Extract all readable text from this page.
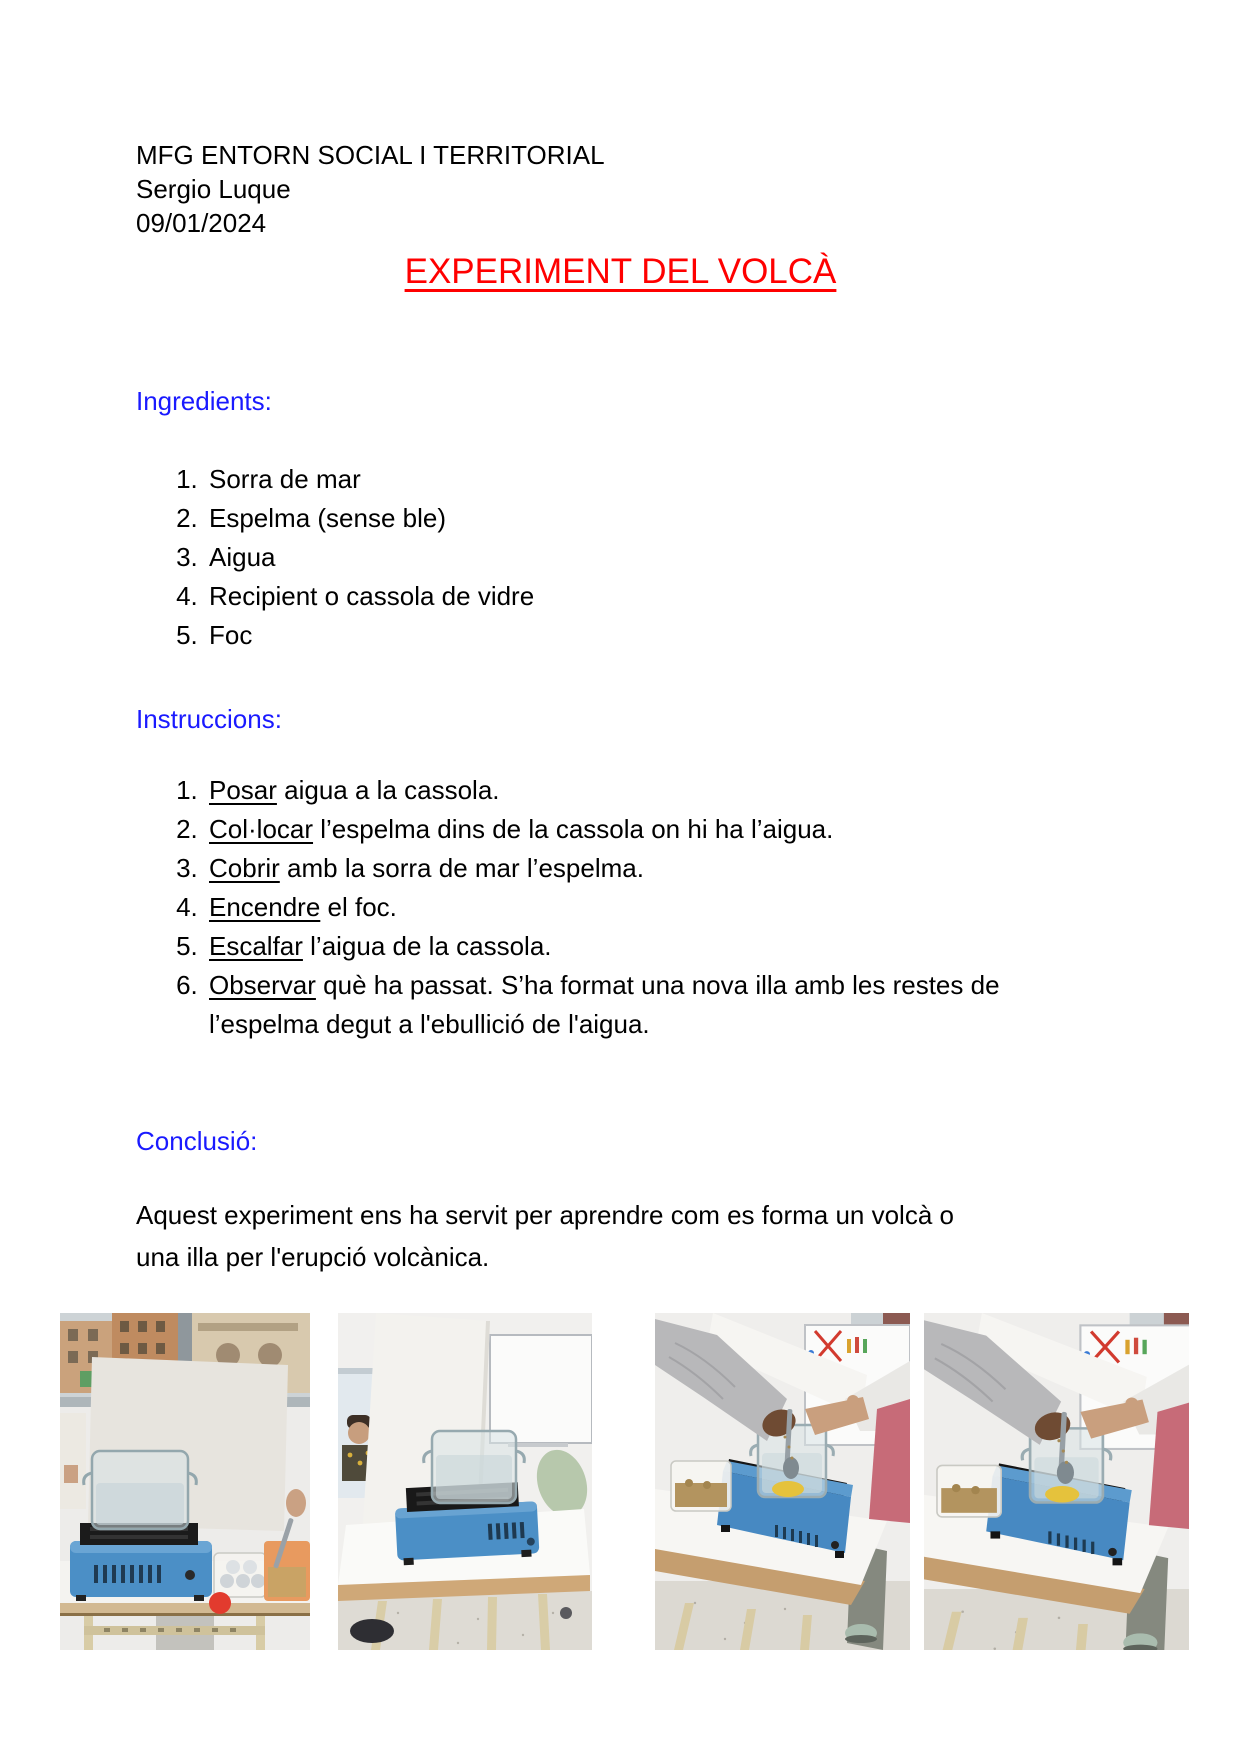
MFG ENTORN SOCIAL I TERRITORIAL
Sergio Luque
09/01/2024
EXPERIMENT DEL VOLCÀ
Ingredients:
1. Sorra de mar
2. Espelma (sense ble)
3. Aigua
4. Recipient o cassola de vidre
5. Foc
Instruccions:
1. Posar aigua a la cassola.
2. Col·locar l’espelma dins de la cassola on hi ha l’aigua.
3. Cobrir amb la sorra de mar l’espelma.
4. Encendre el foc.
5. Escalfar l’aigua de la cassola.
6. Observar què ha passat. S’ha format una nova illa amb les restes de l’espelma degut a l'ebullició de l'aigua.
Conclusió:

Aquest experiment ens ha servit per aprendre com es forma un volcà o una illa per l'erupció volcànica.
